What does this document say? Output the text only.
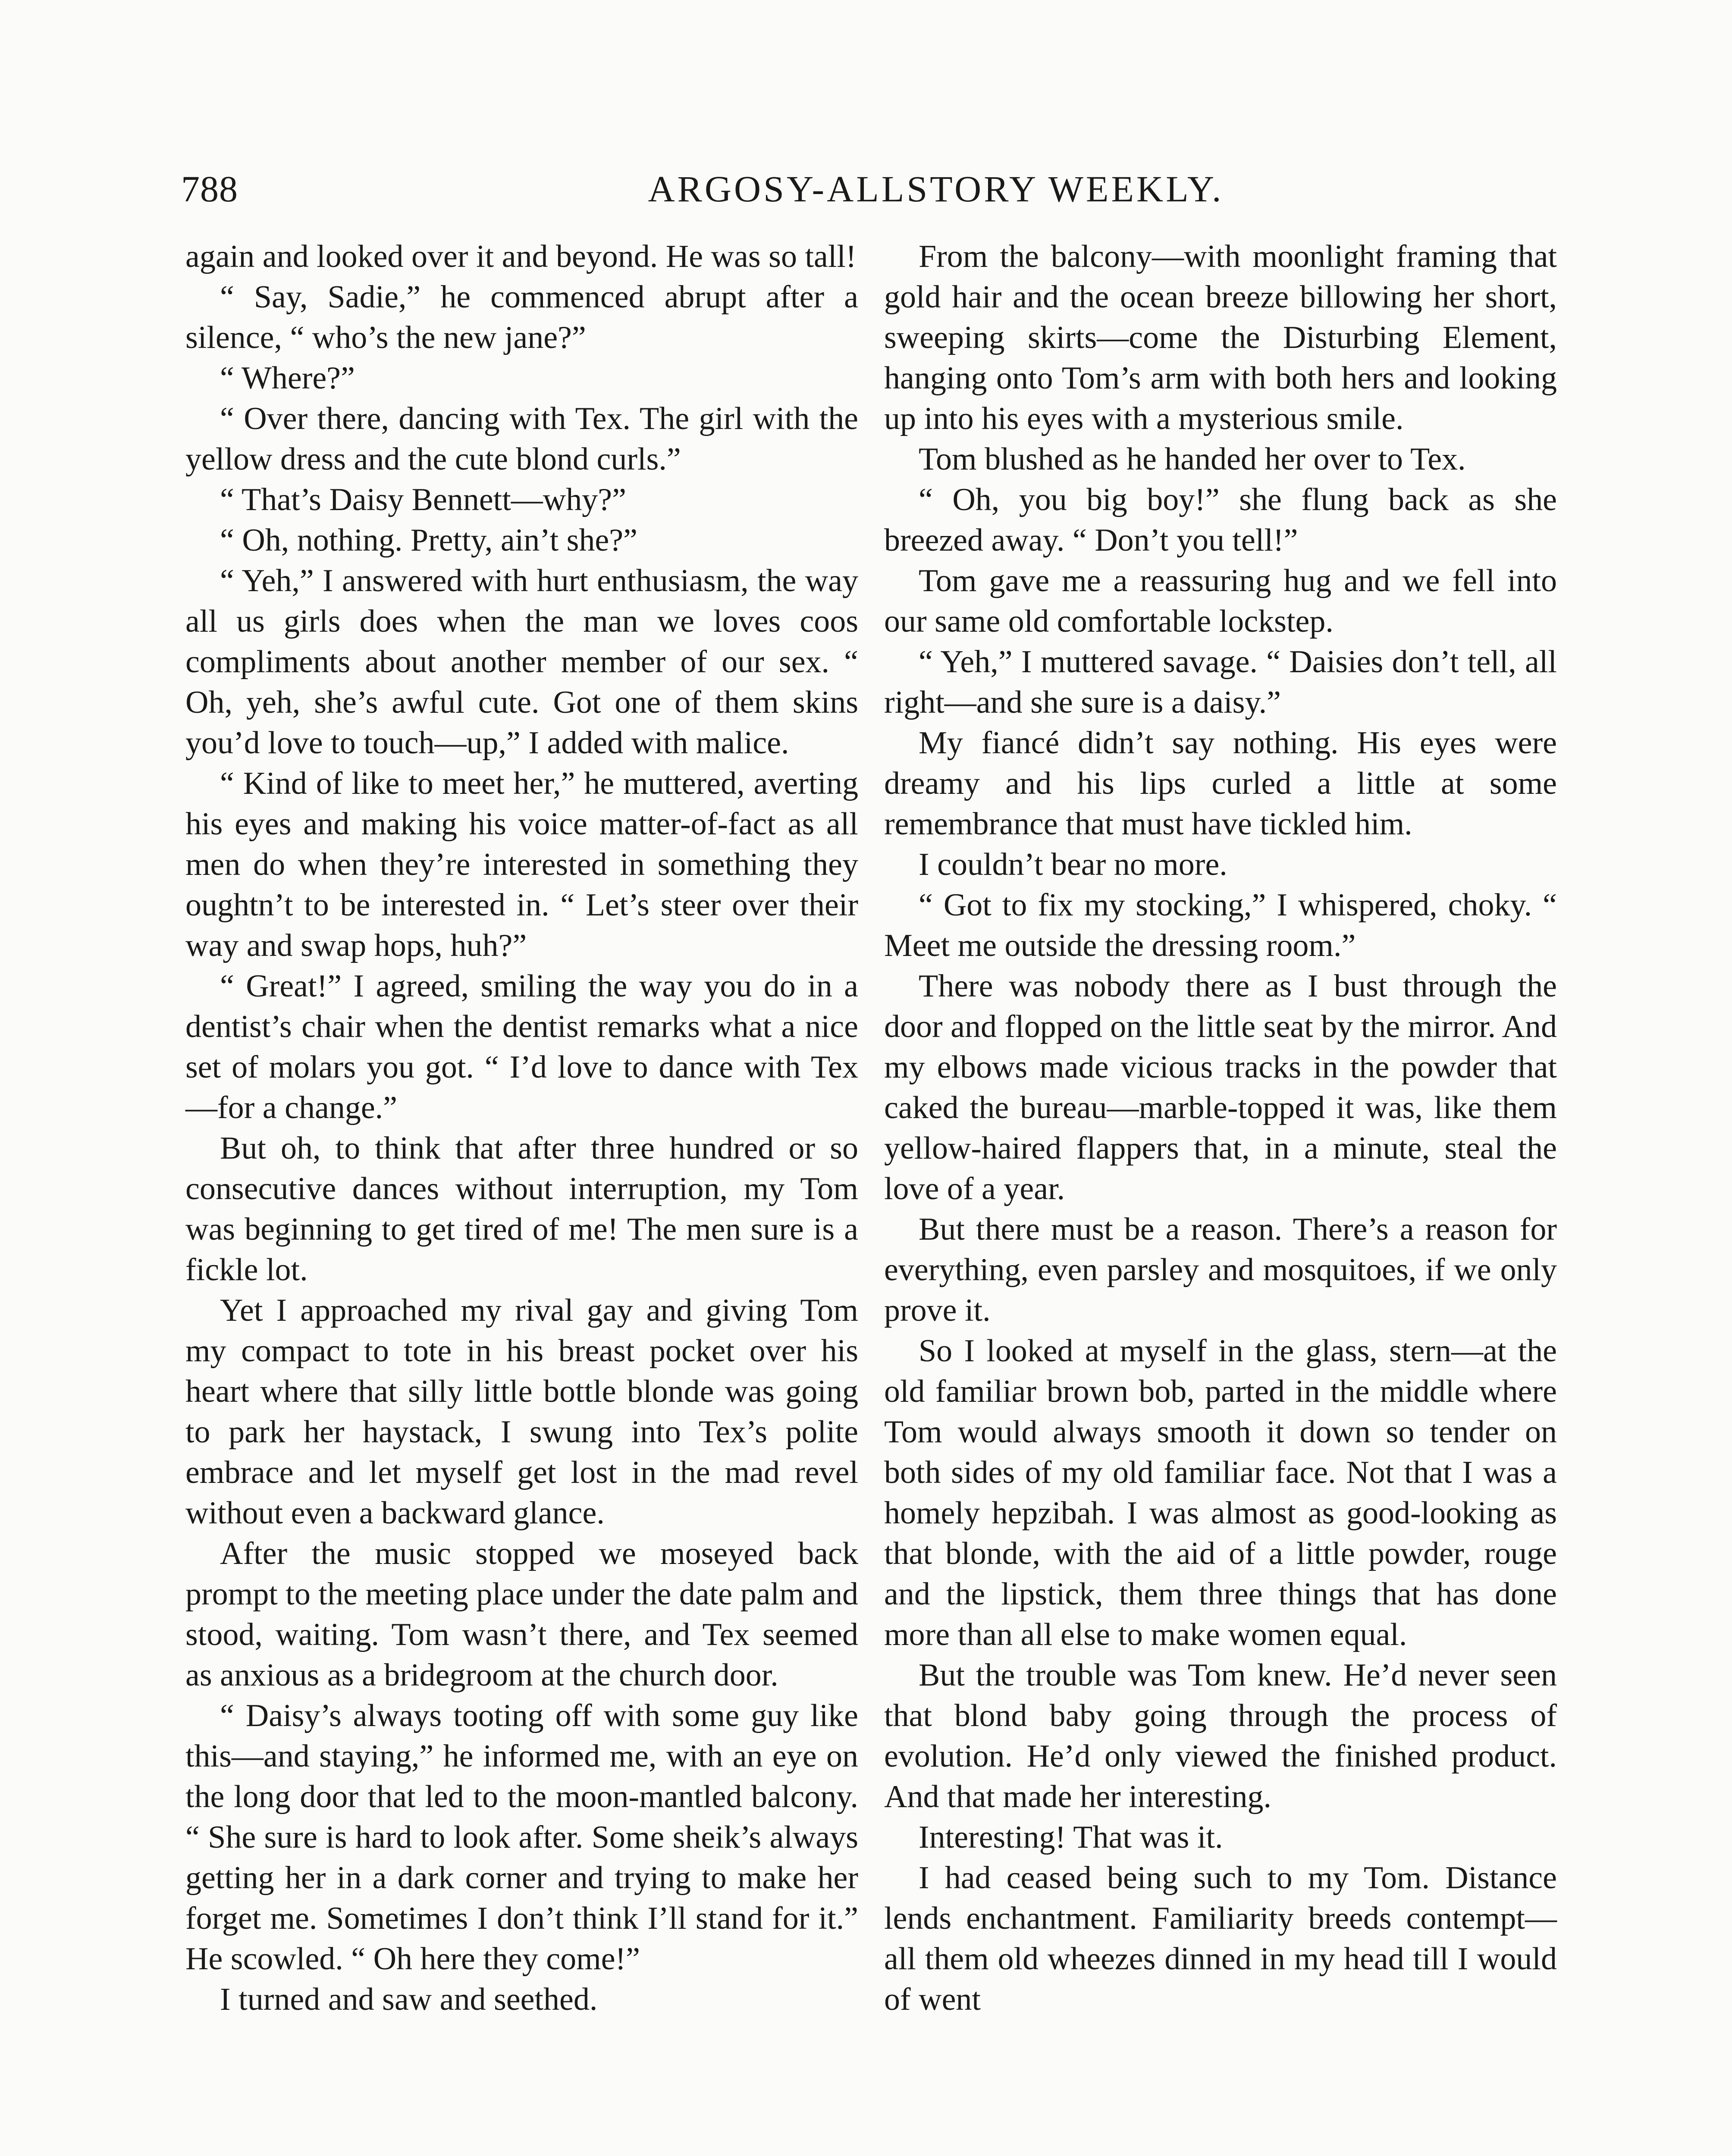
788	ARGOSY-ALLSTORY WEEKLY.

again and looked over it and beyond. He was so tall!

“ Say, Sadie,” he commenced abrupt after a silence, “ who’s the new jane?”

“ Where?”

“ Over there, dancing with Tex. The girl with the yellow dress and the cute blond curls.”

“ That’s Daisy Bennett—why?”

“ Oh, nothing. Pretty, ain’t she?”

“ Yeh,” I answered with hurt enthusiasm, the way all us girls does when the man we loves coos compliments about another member of our sex. “ Oh, yeh, she’s awful cute. Got one of them skins you’d love to touch—up,” I added with malice.

“ Kind of like to meet her,” he muttered, averting his eyes and making his voice matter-of-fact as all men do when they’re interested in something they oughtn’t to be interested in. “ Let’s steer over their way and swap hops, huh?”

“ Great!” I agreed, smiling the way you do in a dentist’s chair when the dentist remarks what a nice set of molars you got. “ I’d love to dance with Tex—for a change.”

But oh, to think that after three hundred or so consecutive dances without interruption, my Tom was beginning to get tired of me! The men sure is a fickle lot.

Yet I approached my rival gay and giving Tom my compact to tote in his breast pocket over his heart where that silly little bottle blonde was going to park her haystack, I swung into Tex’s polite embrace and let myself get lost in the mad revel without even a backward glance.

After the music stopped we moseyed back prompt to the meeting place under the date palm and stood, waiting. Tom wasn’t there, and Tex seemed as anxious as a bridegroom at the church door.

“ Daisy’s always tooting off with some guy like this—and staying,” he informed me, with an eye on the long door that led to the moon-mantled balcony. “ She sure is hard to look after. Some sheik’s always getting her in a dark corner and trying to make her forget me. Sometimes I don’t think I’ll stand for it.” He scowled. “ Oh here they come!”

I turned and saw and seethed.

From the balcony—with moonlight framing that gold hair and the ocean breeze billowing her short, sweeping skirts—come the Disturbing Element, hanging onto Tom’s arm with both hers and looking up into his eyes with a mysterious smile.

Tom blushed as he handed her over to Tex.

“ Oh, you big boy!” she flung back as she breezed away. “ Don’t you tell!”

Tom gave me a reassuring hug and we fell into our same old comfortable lockstep.

“ Yeh,” I muttered savage. “ Daisies don’t tell, all right—and she sure is a daisy.”

My fiancé didn’t say nothing. His eyes were dreamy and his lips curled a little at some remembrance that must have tickled him.

I couldn’t bear no more.

“ Got to fix my stocking,” I whispered, choky. “ Meet me outside the dressing room.”

There was nobody there as I bust through the door and flopped on the little seat by the mirror. And my elbows made vicious tracks in the powder that caked the bureau—marble-topped it was, like them yellow-haired flappers that, in a minute, steal the love of a year.

But there must be a reason. There’s a reason for everything, even parsley and mosquitoes, if we only prove it.

So I looked at myself in the glass, stern—at the old familiar brown bob, parted in the middle where Tom would always smooth it down so tender on both sides of my old familiar face. Not that I was a homely hepzibah. I was almost as good-looking as that blonde, with the aid of a little powder, rouge and the lipstick, them three things that has done more than all else to make women equal.

But the trouble was Tom knew. He’d never seen that blond baby going through the process of evolution. He’d only viewed the finished product. And that made her interesting.

Interesting! That was it.

I had ceased being such to my Tom. Distance lends enchantment. Familiarity breeds contempt—all them old wheezes dinned in my head till I would of went
